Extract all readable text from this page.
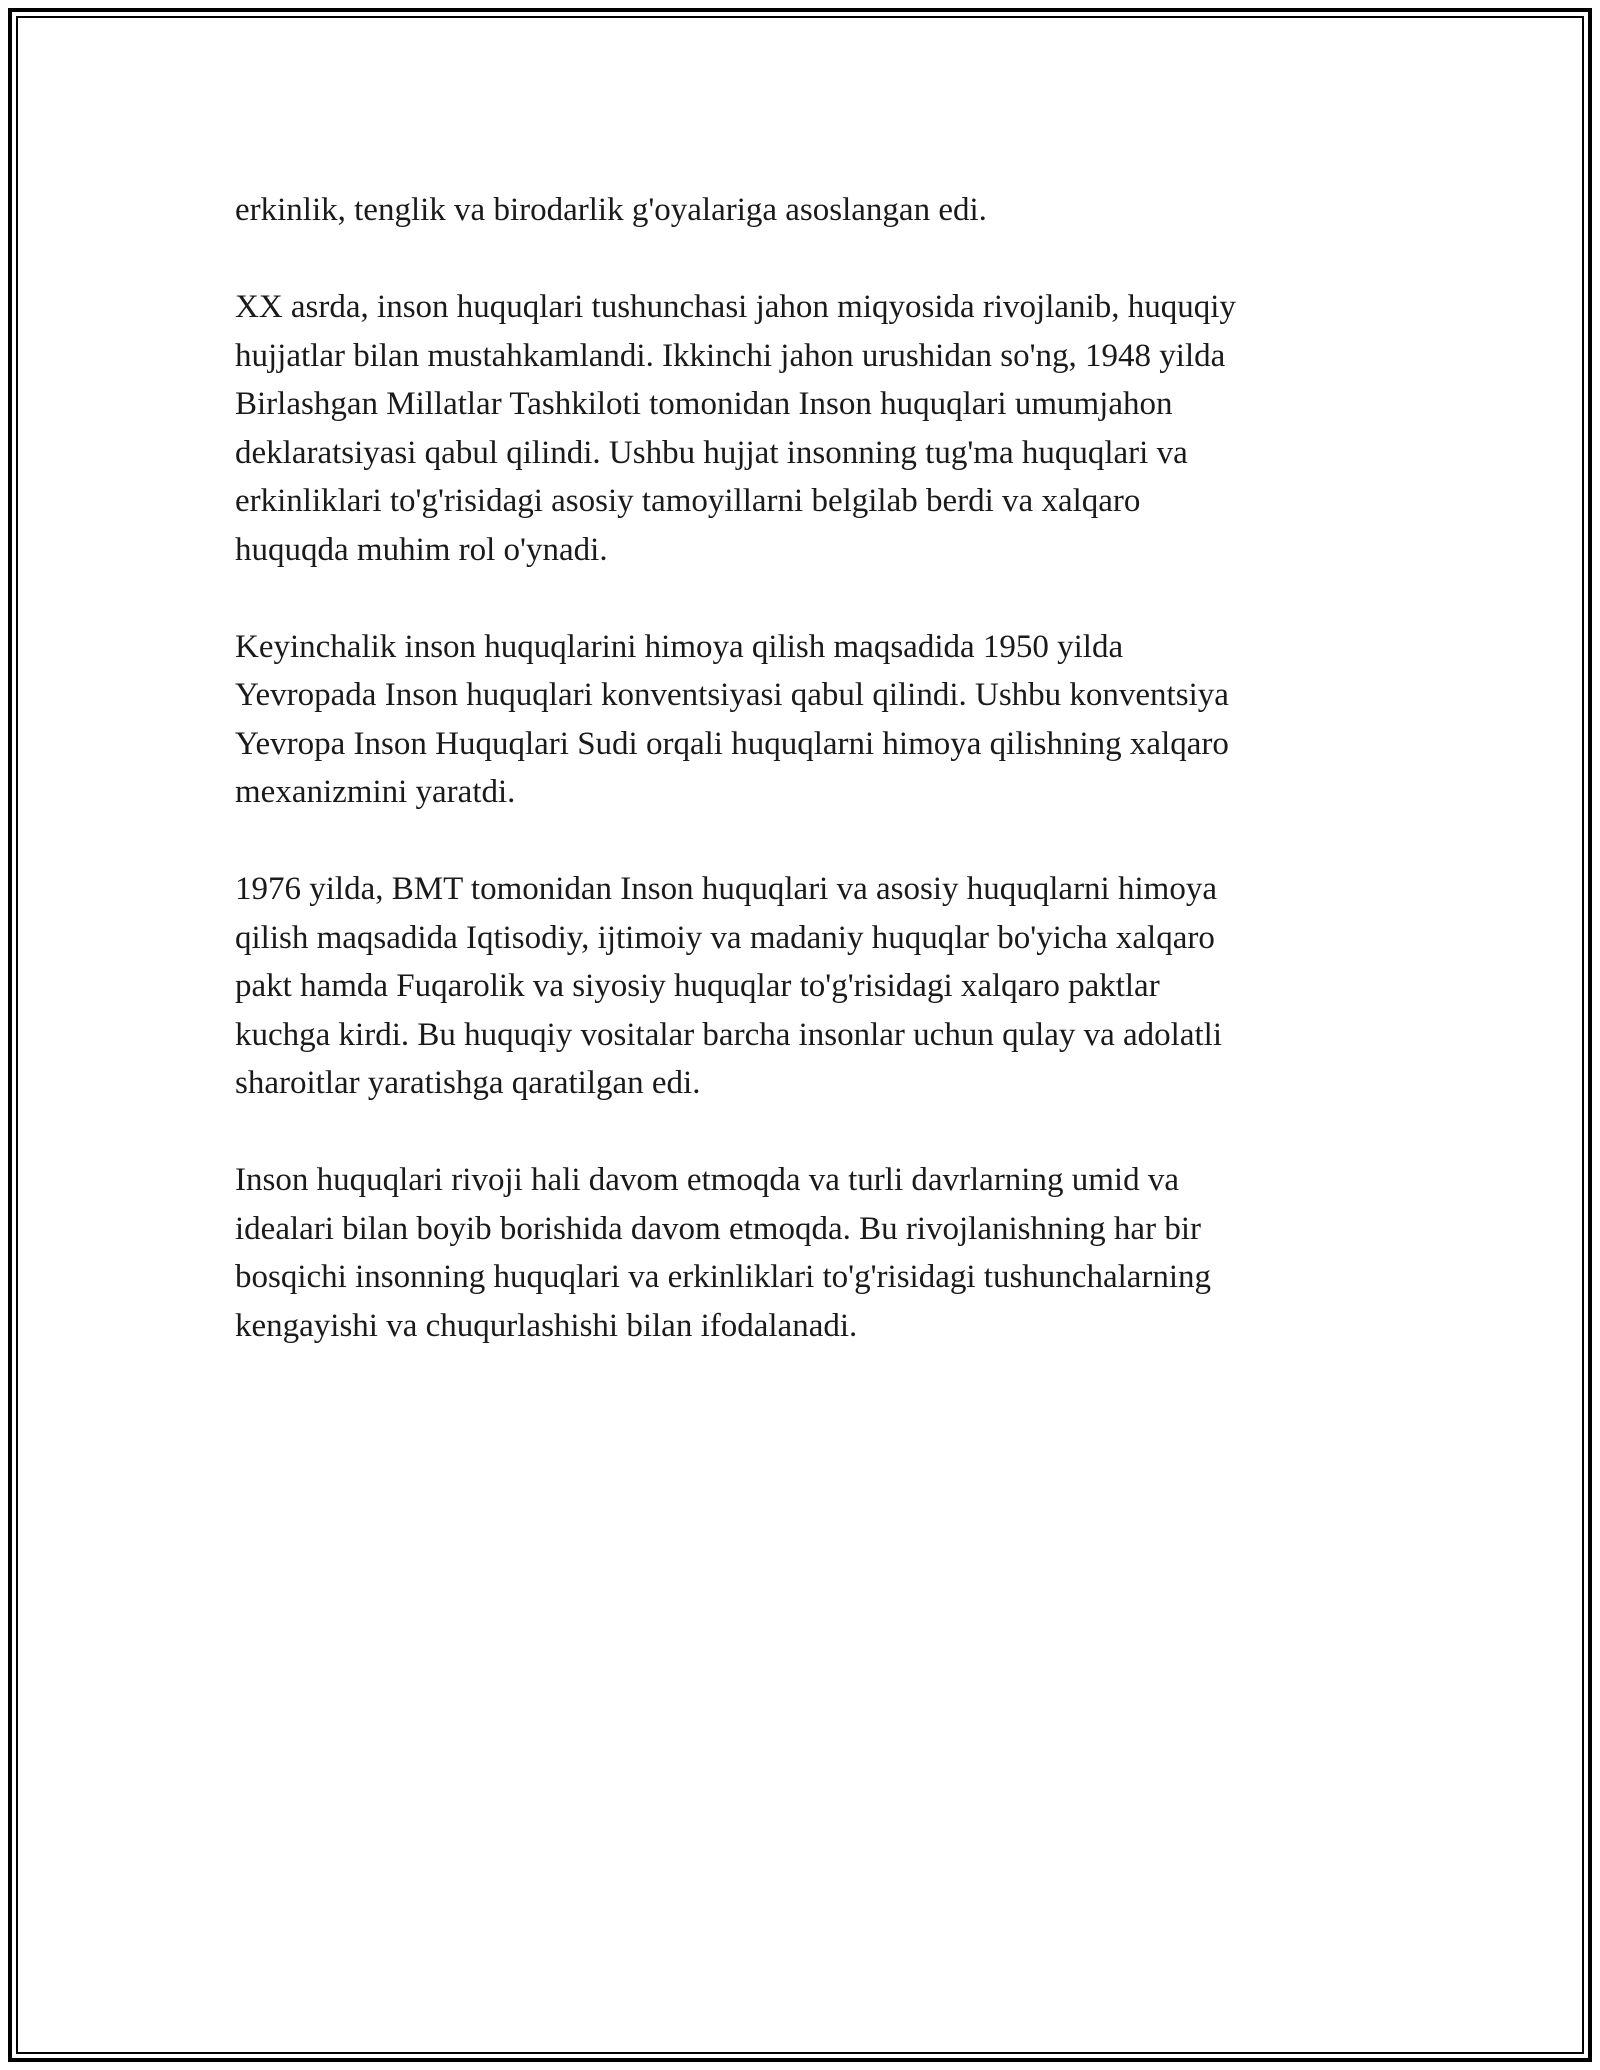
erkinlik, tenglik va birodarlik g'oyalariga asoslangan edi.

XX asrda, inson huquqlari tushunchasi jahon miqyosida rivojlanib, huquqiy
hujjatlar bilan mustahkamlandi. Ikkinchi jahon urushidan so'ng, 1948 yilda
Birlashgan Millatlar Tashkiloti tomonidan Inson huquqlari umumjahon
deklaratsiyasi qabul qilindi. Ushbu hujjat insonning tug'ma huquqlari va
erkinliklari to'g'risidagi asosiy tamoyillarni belgilab berdi va xalqaro
huquqda muhim rol o'ynadi.

Keyinchalik inson huquqlarini himoya qilish maqsadida 1950 yilda
Yevropada Inson huquqlari konventsiyasi qabul qilindi. Ushbu konventsiya
Yevropa Inson Huquqlari Sudi orqali huquqlarni himoya qilishning xalqaro
mexanizmini yaratdi.

1976 yilda, BMT tomonidan Inson huquqlari va asosiy huquqlarni himoya
qilish maqsadida Iqtisodiy, ijtimoiy va madaniy huquqlar bo'yicha xalqaro
pakt hamda Fuqarolik va siyosiy huquqlar to'g'risidagi xalqaro paktlar
kuchga kirdi. Bu huquqiy vositalar barcha insonlar uchun qulay va adolatli
sharoitlar yaratishga qaratilgan edi.

Inson huquqlari rivoji hali davom etmoqda va turli davrlarning umid va
idealari bilan boyib borishida davom etmoqda. Bu rivojlanishning har bir
bosqichi insonning huquqlari va erkinliklari to'g'risidagi tushunchalarning
kengayishi va chuqurlashishi bilan ifodalanadi.
